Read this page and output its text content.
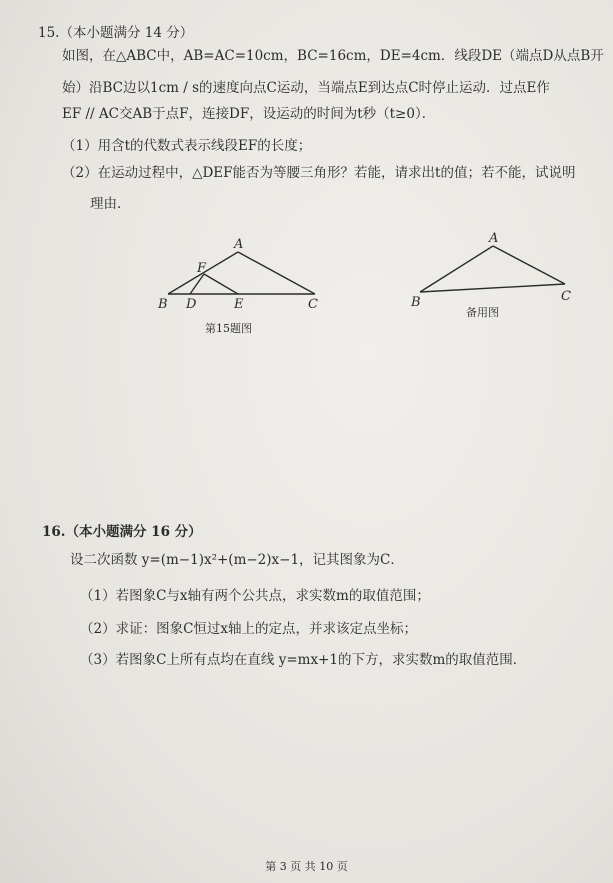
15.（本小题满分 14 分）
如图，在△ABC中，AB=AC=10cm，BC=16cm，DE=4cm．线段DE（端点D从点B开
始）沿BC边以1cm / s的速度向点C运动，当端点E到达点C时停止运动．过点E作
EF // AC交AB于点F，连接DF，设运动的时间为t秒（t≥0）．
（1）用含t的代数式表示线段EF的长度；
（2）在运动过程中，△DEF能否为等腰三角形？若能，请求出t的值；若不能，试说明
理由．
A
F
B D	E	C
第15题图
A
B	C
备用图
16.（本小题满分 16 分）
设二次函数 y=(m−1)x²+(m−2)x−1，记其图象为C．
（1）若图象C与x轴有两个公共点，求实数m的取值范围；
（2）求证：图象C恒过x轴上的定点，并求该定点坐标；
（3）若图象C上所有点均在直线 y=mx+1的下方，求实数m的取值范围．
第 3 页 共 10 页
